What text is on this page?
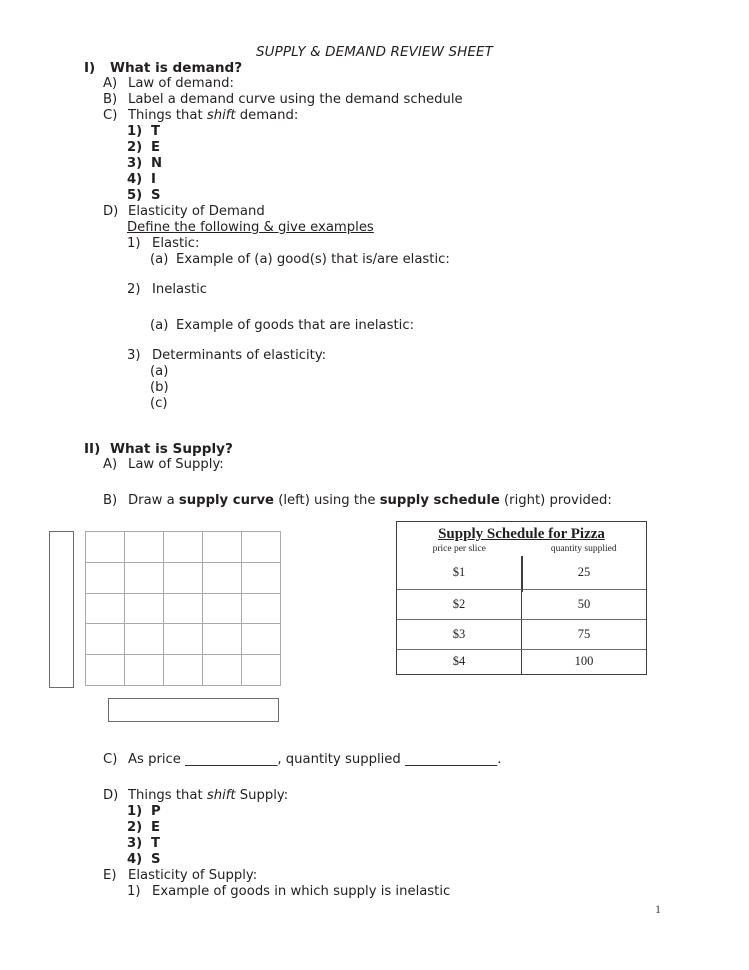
SUPPLY & DEMAND REVIEW SHEET
I) What is demand?
A) Law of demand:
B) Label a demand curve using the demand schedule
C) Things that shift demand:
1) T
2) E
3) N
4) I
5) S
D) Elasticity of Demand
Define the following & give examples
1) Elastic:
(a) Example of (a) good(s) that is/are elastic:
2) Inelastic
(a) Example of goods that are inelastic:
3) Determinants of elasticity:
(a)
(b)
(c)
II) What is Supply?
A) Law of Supply:
B) Draw a supply curve (left) using the supply schedule (right) provided:
Supply Schedule for Pizza
price per slice	quantity supplied
$1	25
$2	50
$3	75
$4	100
C) As price ______________, quantity supplied ______________.
D) Things that shift Supply:
1) P
2) E
3) T
4) S
E) Elasticity of Supply:
1) Example of goods in which supply is inelastic
1
